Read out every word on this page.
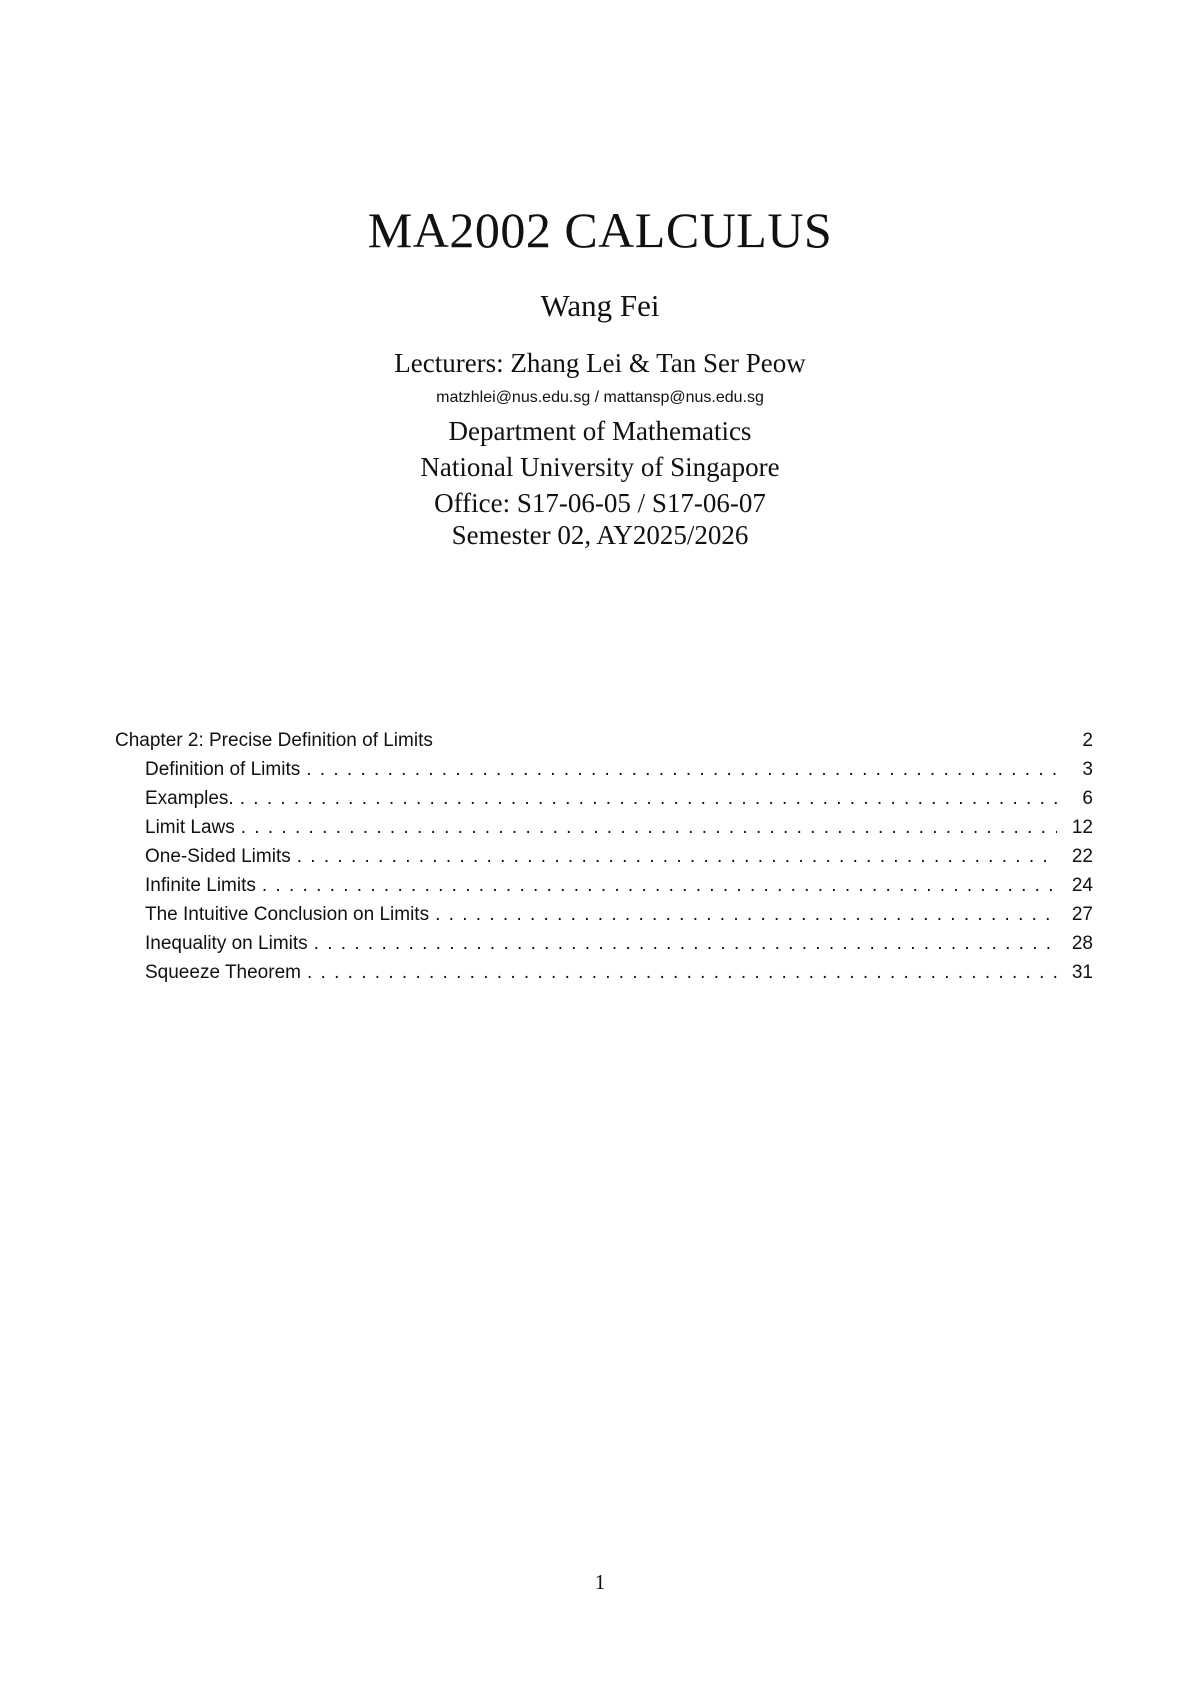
MA2002 CALCULUS
Wang Fei
Lecturers: Zhang Lei & Tan Ser Peow
matzhlei@nus.edu.sg / mattansp@nus.edu.sg
Department of Mathematics
National University of Singapore
Office: S17-06-05 / S17-06-07
Semester 02, AY2025/2026
Chapter 2: Precise Definition of Limits	2
Definition of Limits . . .	3
Examples. . . .	6
Limit Laws . . .	12
One-Sided Limits . . .	22
Infinite Limits . . .	24
The Intuitive Conclusion on Limits . . .	27
Inequality on Limits . . .	28
Squeeze Theorem . . .	31
1
